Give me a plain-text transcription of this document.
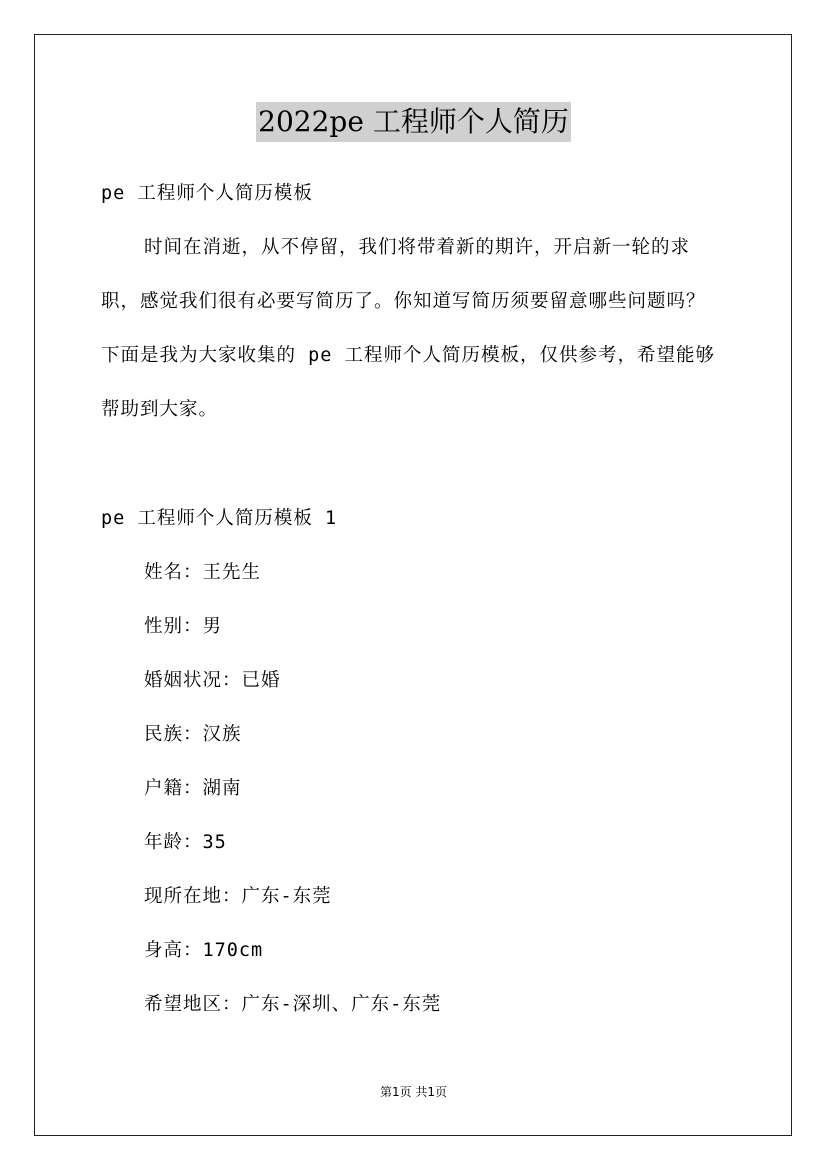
2022pe 工程师个人简历
pe 工程师个人简历模板
时间在消逝，从不停留，我们将带着新的期许，开启新一轮的求
职，感觉我们很有必要写简历了。你知道写简历须要留意哪些问题吗？
下面是我为大家收集的 pe 工程师个人简历模板，仅供参考，希望能够
帮助到大家。
pe 工程师个人简历模板 1
姓名：王先生
性别：男
婚姻状况：已婚
民族：汉族
户籍：湖南
年龄：35
现所在地：广东-东莞
身高：170cm
希望地区：广东-深圳、广东-东莞
第1页 共1页
